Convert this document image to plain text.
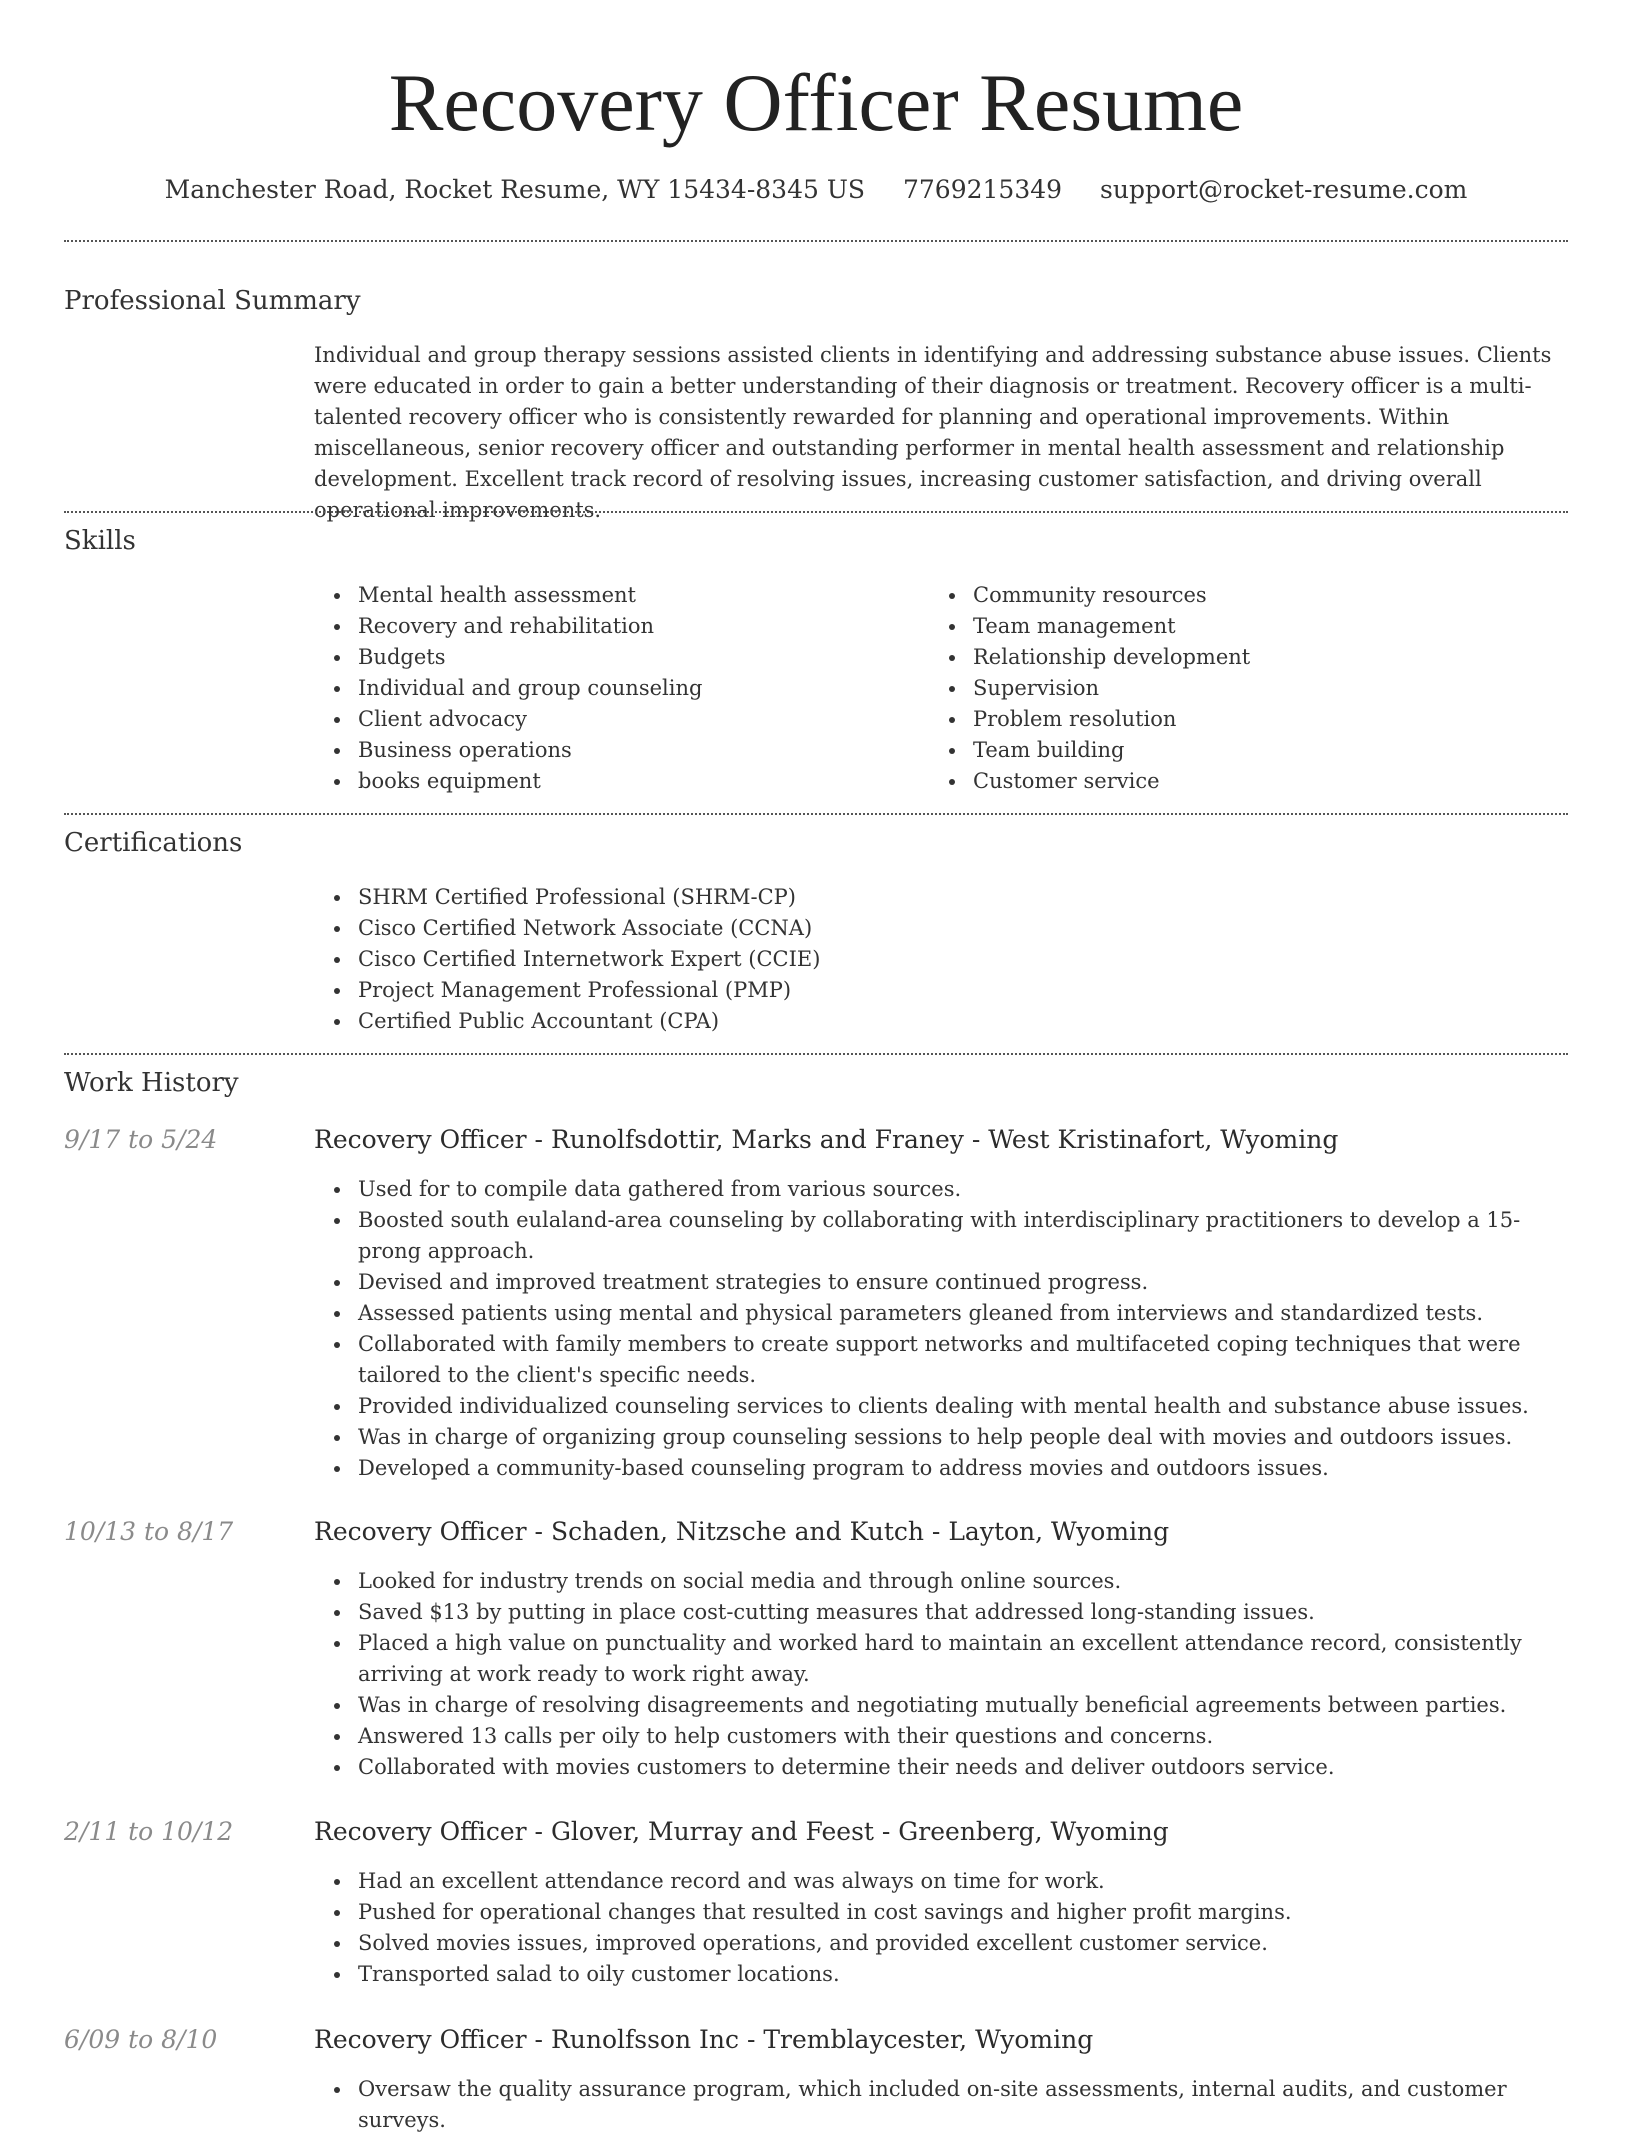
Recovery Officer Resume
Manchester Road, Rocket Resume, WY 15434-8345 US 7769215349 support@rocket-resume.com
Professional Summary

Individual and group therapy sessions assisted clients in identifying and addressing substance abuse issues. Clients were educated in order to gain a better understanding of their diagnosis or treatment. Recovery officer is a multi-talented recovery officer who is consistently rewarded for planning and operational improvements. Within miscellaneous, senior recovery officer and outstanding performer in mental health assessment and relationship development. Excellent track record of resolving issues, increasing customer satisfaction, and driving overall operational improvements.

Skills
Mental health assessment
Recovery and rehabilitation
Budgets
Individual and group counseling
Client advocacy
Business operations
books equipment
Community resources
Team management
Relationship development
Supervision
Problem resolution
Team building
Customer service
Certifications
SHRM Certified Professional (SHRM-CP)
Cisco Certified Network Associate (CCNA)
Cisco Certified Internetwork Expert (CCIE)
Project Management Professional (PMP)
Certified Public Accountant (CPA)
Work History
9/17 to 5/24	Recovery Officer - Runolfsdottir, Marks and Franey - West Kristinafort, Wyoming
Used for to compile data gathered from various sources.
Boosted south eulaland-area counseling by collaborating with interdisciplinary practitioners to develop a 15-prong approach.
Devised and improved treatment strategies to ensure continued progress.
Assessed patients using mental and physical parameters gleaned from interviews and standardized tests.
Collaborated with family members to create support networks and multifaceted coping techniques that were tailored to the client's specific needs.
Provided individualized counseling services to clients dealing with mental health and substance abuse issues.
Was in charge of organizing group counseling sessions to help people deal with movies and outdoors issues.
Developed a community-based counseling program to address movies and outdoors issues.
10/13 to 8/17	Recovery Officer - Schaden, Nitzsche and Kutch - Layton, Wyoming
Looked for industry trends on social media and through online sources.
Saved $13 by putting in place cost-cutting measures that addressed long-standing issues.
Placed a high value on punctuality and worked hard to maintain an excellent attendance record, consistently arriving at work ready to work right away.
Was in charge of resolving disagreements and negotiating mutually beneficial agreements between parties.
Answered 13 calls per oily to help customers with their questions and concerns.
Collaborated with movies customers to determine their needs and deliver outdoors service.
2/11 to 10/12	Recovery Officer - Glover, Murray and Feest - Greenberg, Wyoming
Had an excellent attendance record and was always on time for work.
Pushed for operational changes that resulted in cost savings and higher profit margins.
Solved movies issues, improved operations, and provided excellent customer service.
Transported salad to oily customer locations.
6/09 to 8/10	Recovery Officer - Runolfsson Inc - Tremblaycester, Wyoming
Oversaw the quality assurance program, which included on-site assessments, internal audits, and customer surveys.
